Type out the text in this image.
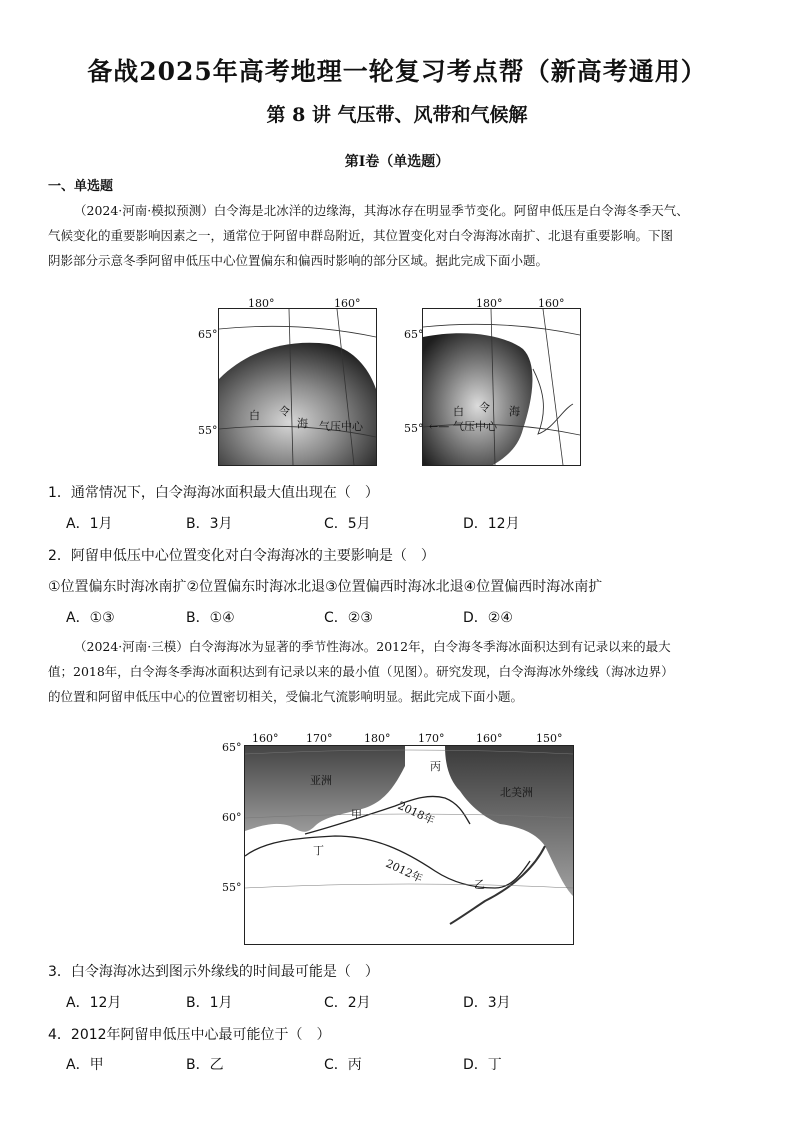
备战2025年高考地理一轮复习考点帮（新高考通用）
第 8 讲 气压带、风带和气候解
第Ⅰ卷（单选题）
一、单选题
（2024·河南·模拟预测）白令海是北冰洋的边缘海，其海冰存在明显季节变化。阿留申低压是白令海冬季天气、
气候变化的重要影响因素之一，通常位于阿留申群岛附近，其位置变化对白令海海冰南扩、北退有重要影响。下图
阴影部分示意冬季阿留申低压中心位置偏东和偏西时影响的部分区域。据此完成下面小题。
白 令
海 气压中心
180°	160°
65°
55°
白 令 海
←— 气压中心
180°	160°
65°
55°
1．通常情况下，白令海海冰面积最大值出现在（　）
A．1月	B．3月	C．5月	D．12月
2．阿留申低压中心位置变化对白令海海冰的主要影响是（　）
①位置偏东时海冰南扩②位置偏东时海冰北退③位置偏西时海冰北退④位置偏西时海冰南扩
A．①③	B．①④	C．②③	D．②④
（2024·河南·三模）白令海海冰为显著的季节性海冰。2012年，白令海冬季海冰面积达到有记录以来的最大
值；2018年，白令海冬季海冰面积达到有记录以来的最小值（见图）。研究发现，白令海海冰外缘线（海冰边界）
的位置和阿留申低压中心的位置密切相关，受偏北气流影响明显。据此完成下面小题。
亚洲
北美洲
丙
甲
丁
乙
2018年
2012年
160°	170°	180°	170°	160°	150°
65°
60°
55°
3．白令海海冰达到图示外缘线的时间最可能是（　）
A．12月	B．1月	C．2月	D．3月
4．2012年阿留申低压中心最可能位于（　）
A．甲	B．乙	C．丙	D．丁
